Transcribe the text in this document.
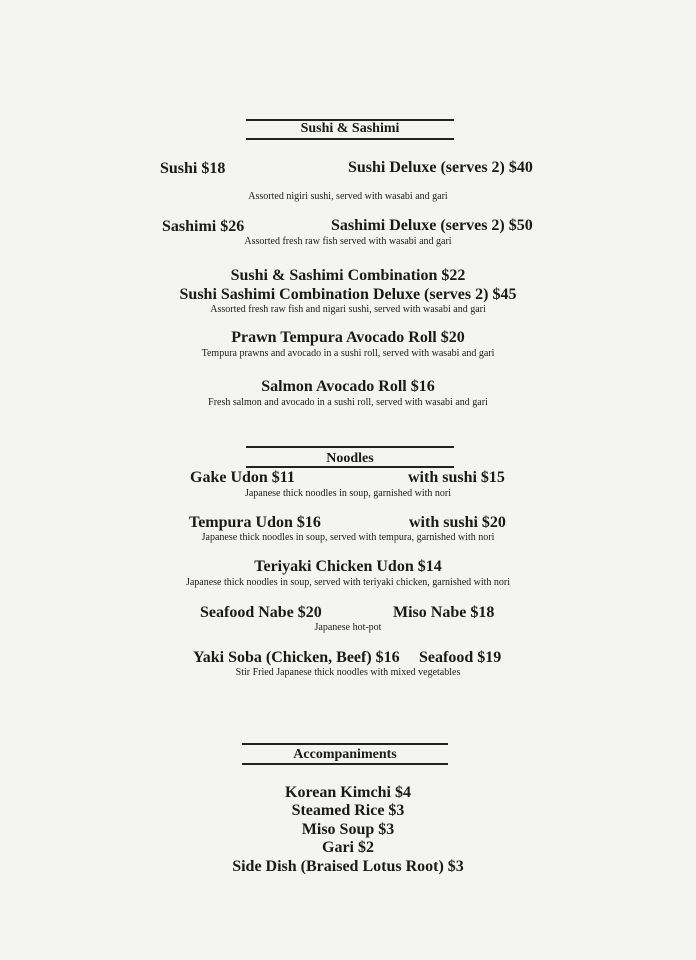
Sushi & Sashimi
Sushi $18	Sushi Deluxe (serves 2) $40
Assorted nigiri sushi, served with wasabi and gari
Sashimi $26	Sashimi Deluxe (serves 2) $50
Assorted fresh raw fish served with wasabi and gari
Sushi & Sashimi Combination $22
Sushi Sashimi Combination Deluxe (serves 2) $45
Assorted fresh raw fish and nigari sushi, served with wasabi and gari
Prawn Tempura Avocado Roll $20
Tempura prawns and avocado in a sushi roll, served with wasabi and gari
Salmon Avocado Roll $16
Fresh salmon and avocado in a sushi roll, served with wasabi and gari
Noodles
Gake Udon $11	with sushi $15
Japanese thick noodles in soup, garnished with nori
Tempura Udon $16	with sushi $20
Japanese thick noodles in soup, served with tempura, garnished with nori
Teriyaki Chicken Udon $14
Japanese thick noodles in soup, served with teriyaki chicken, garnished with nori
Seafood Nabe $20	Miso Nabe $18
Japanese hot-pot
Yaki Soba (Chicken, Beef) $16 Seafood $19
Stir Fried Japanese thick noodles with mixed vegetables
Accompaniments
Korean Kimchi $4
Steamed Rice $3
Miso Soup $3
Gari $2
Side Dish (Braised Lotus Root) $3
